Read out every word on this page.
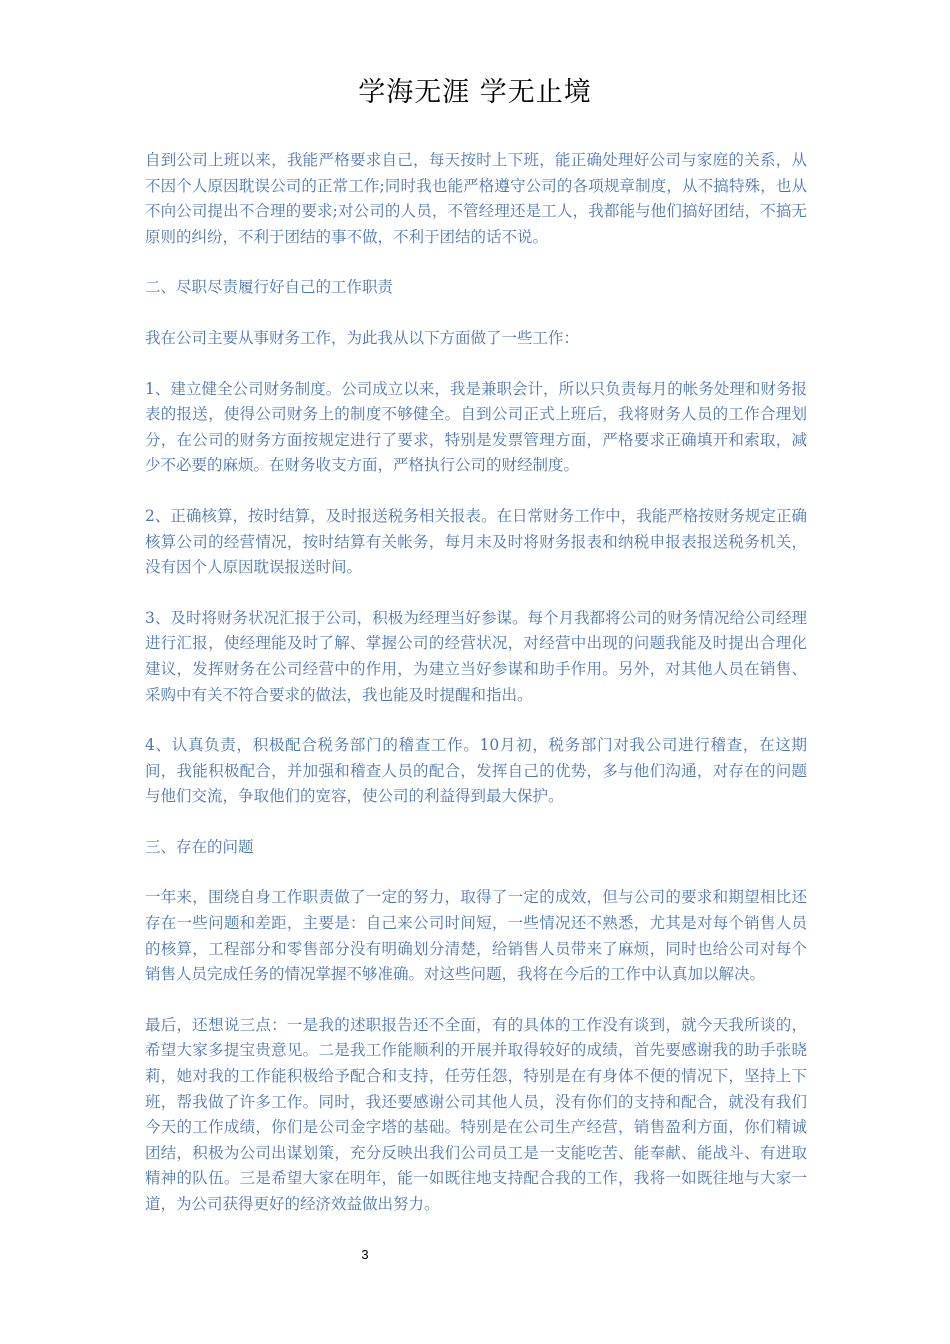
学海无涯 学无止境

自到公司上班以来，我能严格要求自己，每天按时上下班，能正确处理好公司与家庭的关系，从不因个人原因耽误公司的正常工作;同时我也能严格遵守公司的各项规章制度，从不搞特殊，也从不向公司提出不合理的要求;对公司的人员，不管经理还是工人，我都能与他们搞好团结，不搞无原则的纠纷，不利于团结的事不做，不利于团结的话不说。

二、尽职尽责履行好自己的工作职责

我在公司主要从事财务工作，为此我从以下方面做了一些工作：

1、建立健全公司财务制度。公司成立以来，我是兼职会计，所以只负责每月的帐务处理和财务报表的报送，使得公司财务上的制度不够健全。自到公司正式上班后，我将财务人员的工作合理划分，在公司的财务方面按规定进行了要求，特别是发票管理方面，严格要求正确填开和索取，减少不必要的麻烦。在财务收支方面，严格执行公司的财经制度。

2、正确核算，按时结算，及时报送税务相关报表。在日常财务工作中，我能严格按财务规定正确核算公司的经营情况，按时结算有关帐务，每月末及时将财务报表和纳税申报表报送税务机关，没有因个人原因耽误报送时间。

3、及时将财务状况汇报于公司，积极为经理当好参谋。每个月我都将公司的财务情况给公司经理进行汇报，使经理能及时了解、掌握公司的经营状况，对经营中出现的问题我能及时提出合理化建议，发挥财务在公司经营中的作用，为建立当好参谋和助手作用。另外，对其他人员在销售、采购中有关不符合要求的做法，我也能及时提醒和指出。

4、认真负责，积极配合税务部门的稽查工作。10月初，税务部门对我公司进行稽查，在这期间，我能积极配合，并加强和稽查人员的配合，发挥自己的优势，多与他们沟通，对存在的问题与他们交流，争取他们的宽容，使公司的利益得到最大保护。

三、存在的问题

一年来，围绕自身工作职责做了一定的努力，取得了一定的成效，但与公司的要求和期望相比还存在一些问题和差距，主要是：自己来公司时间短，一些情况还不熟悉，尤其是对每个销售人员的核算，工程部分和零售部分没有明确划分清楚，给销售人员带来了麻烦，同时也给公司对每个销售人员完成任务的情况掌握不够准确。对这些问题，我将在今后的工作中认真加以解决。

最后，还想说三点：一是我的述职报告还不全面，有的具体的工作没有谈到，就今天我所谈的，希望大家多提宝贵意见。二是我工作能顺利的开展并取得较好的成绩，首先要感谢我的助手张晓莉，她对我的工作能积极给予配合和支持，任劳任怨，特别是在有身体不便的情况下，坚持上下班，帮我做了许多工作。同时，我还要感谢公司其他人员，没有你们的支持和配合，就没有我们今天的工作成绩，你们是公司金字塔的基础。特别是在公司生产经营，销售盈利方面，你们精诚团结，积极为公司出谋划策，充分反映出我们公司员工是一支能吃苦、能奉献、能战斗、有进取精神的队伍。三是希望大家在明年，能一如既往地支持配合我的工作，我将一如既往地与大家一道，为公司获得更好的经济效益做出努力。

3
